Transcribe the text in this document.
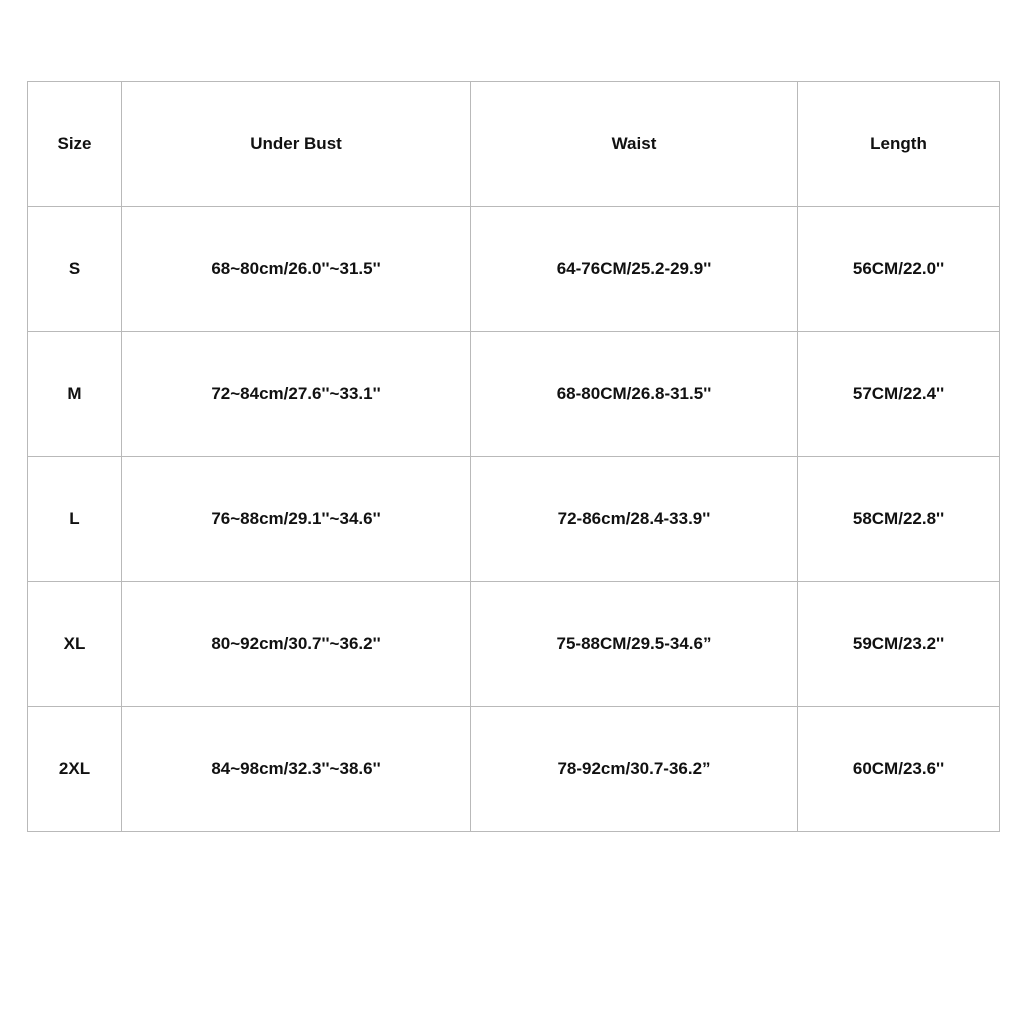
Size	Under Bust	Waist	Length
S	68~80cm/26.0''~31.5''	64-76CM/25.2-29.9''	56CM/22.0''
M	72~84cm/27.6''~33.1''	68-80CM/26.8-31.5''	57CM/22.4''
L	76~88cm/29.1''~34.6''	72-86cm/28.4-33.9''	58CM/22.8''
XL	80~92cm/30.7''~36.2''	75-88CM/29.5-34.6”	59CM/23.2''
2XL	84~98cm/32.3''~38.6''	78-92cm/30.7-36.2”	60CM/23.6''
